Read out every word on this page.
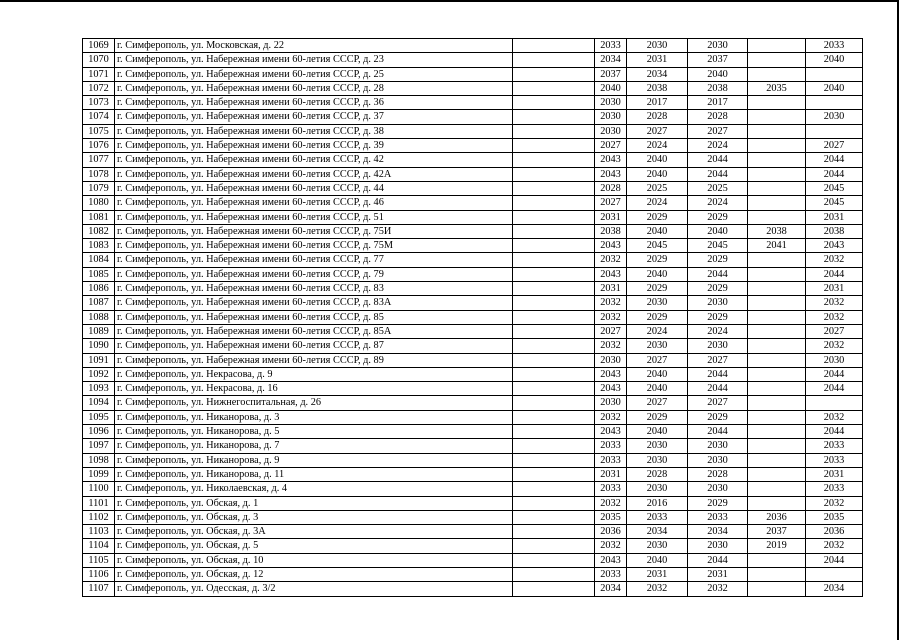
1069	г. Симферополь, ул. Московская, д. 22		2033	2030	2030		2033	
1070	г. Симферополь, ул. Набережная имени 60-летия СССР, д. 23		2034	2031	2037		2040	
1071	г. Симферополь, ул. Набережная имени 60-летия СССР, д. 25		2037	2034	2040			
1072	г. Симферополь, ул. Набережная имени 60-летия СССР, д. 28		2040	2038	2038	2035	2040	
1073	г. Симферополь, ул. Набережная имени 60-летия СССР, д. 36		2030	2017	2017			
1074	г. Симферополь, ул. Набережная имени 60-летия СССР, д. 37		2030	2028	2028		2030	
1075	г. Симферополь, ул. Набережная имени 60-летия СССР, д. 38		2030	2027	2027			
1076	г. Симферополь, ул. Набережная имени 60-летия СССР, д. 39		2027	2024	2024		2027	
1077	г. Симферополь, ул. Набережная имени 60-летия СССР, д. 42		2043	2040	2044		2044	
1078	г. Симферополь, ул. Набережная имени 60-летия СССР, д. 42А		2043	2040	2044		2044	
1079	г. Симферополь, ул. Набережная имени 60-летия СССР, д. 44		2028	2025	2025		2045	
1080	г. Симферополь, ул. Набережная имени 60-летия СССР, д. 46		2027	2024	2024		2045	
1081	г. Симферополь, ул. Набережная имени 60-летия СССР, д. 51		2031	2029	2029		2031	
1082	г. Симферополь, ул. Набережная имени 60-летия СССР, д. 75И		2038	2040	2040	2038	2038	
1083	г. Симферополь, ул. Набережная имени 60-летия СССР, д. 75М		2043	2045	2045	2041	2043	
1084	г. Симферополь, ул. Набережная имени 60-летия СССР, д. 77		2032	2029	2029		2032	
1085	г. Симферополь, ул. Набережная имени 60-летия СССР, д. 79		2043	2040	2044		2044	
1086	г. Симферополь, ул. Набережная имени 60-летия СССР, д. 83		2031	2029	2029		2031	
1087	г. Симферополь, ул. Набережная имени 60-летия СССР, д. 83А		2032	2030	2030		2032	
1088	г. Симферополь, ул. Набережная имени 60-летия СССР, д. 85		2032	2029	2029		2032	
1089	г. Симферополь, ул. Набережная имени 60-летия СССР, д. 85А		2027	2024	2024		2027	
1090	г. Симферополь, ул. Набережная имени 60-летия СССР, д. 87		2032	2030	2030		2032	
1091	г. Симферополь, ул. Набережная имени 60-летия СССР, д. 89		2030	2027	2027		2030	
1092	г. Симферополь, ул. Некрасова, д. 9		2043	2040	2044		2044	
1093	г. Симферополь, ул. Некрасова, д. 16		2043	2040	2044		2044	
1094	г. Симферополь, ул. Нижнегоспитальная, д. 26		2030	2027	2027			
1095	г. Симферополь, ул. Никанорова, д. 3		2032	2029	2029		2032	
1096	г. Симферополь, ул. Никанорова, д. 5		2043	2040	2044		2044	
1097	г. Симферополь, ул. Никанорова, д. 7		2033	2030	2030		2033	
1098	г. Симферополь, ул. Никанорова, д. 9		2033	2030	2030		2033	
1099	г. Симферополь, ул. Никанорова, д. 11		2031	2028	2028		2031	
1100	г. Симферополь, ул. Николаевская, д. 4		2033	2030	2030		2033	
1101	г. Симферополь, ул. Обская, д. 1		2032	2016	2029		2032	
1102	г. Симферополь, ул. Обская, д. 3		2035	2033	2033	2036	2035	
1103	г. Симферополь, ул. Обская, д. 3А		2036	2034	2034	2037	2036	
1104	г. Симферополь, ул. Обская, д. 5		2032	2030	2030	2019	2032	
1105	г. Симферополь, ул. Обская, д. 10		2043	2040	2044		2044	
1106	г. Симферополь, ул. Обская, д. 12		2033	2031	2031			
1107	г. Симферополь, ул. Одесская, д. 3/2		2034	2032	2032		2034	
